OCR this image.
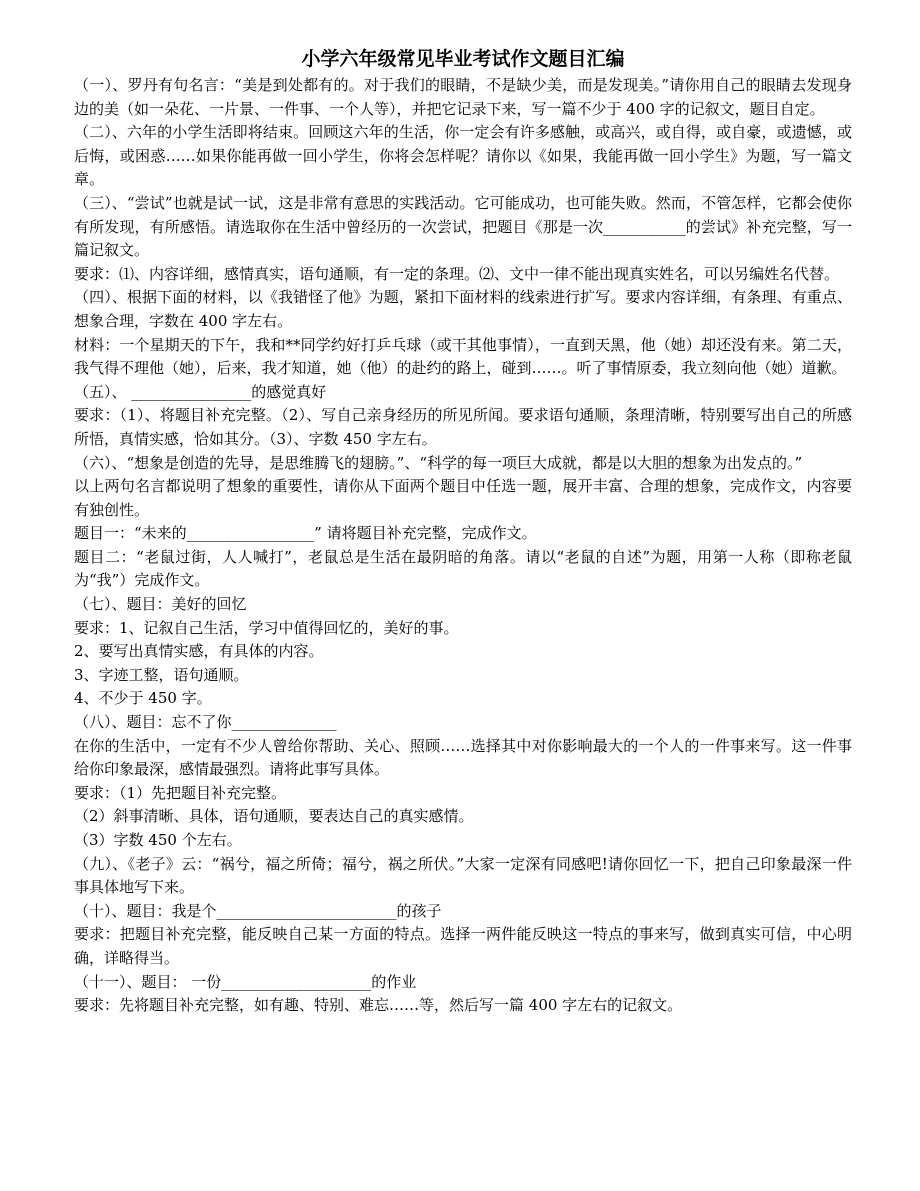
小学六年级常见毕业考试作文题目汇编

（一）、罗丹有句名言：“美是到处都有的。对于我们的眼睛，不是缺少美，而是发现美。”请你用自己的眼睛去发现身边的美（如一朵花、一片景、一件事、一个人等），并把它记录下来，写一篇不少于 400 字的记叙文，题目自定。

（二）、六年的小学生活即将结束。回顾这六年的生活，你一定会有许多感触，或高兴，或自得，或自豪，或遗憾，或后悔，或困惑……如果你能再做一回小学生，你将会怎样呢？请你以《如果，我能再做一回小学生》为题，写一篇文章。

（三）、“尝试”也就是试一试，这是非常有意思的实践活动。它可能成功，也可能失败。然而，不管怎样，它都会使你有所发现，有所感悟。请选取你在生活中曾经历的一次尝试，把题目《那是一次___________的尝试》补充完整，写一篇记叙文。

要求：⑴、内容详细，感情真实，语句通顺，有一定的条理。⑵、文中一律不能出现真实姓名，可以另编姓名代替。

（四）、根据下面的材料，以《我错怪了他》为题，紧扣下面材料的线索进行扩写。要求内容详细，有条理、有重点、想象合理，字数在 400 字左右。

材料：一个星期天的下午，我和**同学约好打乒乓球（或干其他事情），一直到天黑，他（她）却还没有来。第二天，我气得不理他（她），后来，我才知道，她（他）的赴约的路上，碰到……。听了事情原委，我立刻向他（她）道歉。

（五）、 ________________的感觉真好

要求：（1）、将题目补充完整。（2）、写自己亲身经历的所见所闻。要求语句通顺，条理清晰，特别要写出自己的所感所悟，真情实感，恰如其分。（3）、字数 450 字左右。

（六）、“想象是创造的先导，是思维腾飞的翅膀。”、“科学的每一项巨大成就，都是以大胆的想象为出发点的。”

以上两句名言都说明了想象的重要性，请你从下面两个题目中任选一题，展开丰富、合理的想象，完成作文，内容要有独创性。

题目一：“未来的_________________” 请将题目补充完整，完成作文。

题目二：“老鼠过街，人人喊打”，老鼠总是生活在最阴暗的角落。请以“老鼠的自述”为题，用第一人称（即称老鼠为“我”）完成作文。

（七）、题目：美好的回忆

要求：1、记叙自己生活，学习中值得回忆的，美好的事。

2、要写出真情实感，有具体的内容。

3、字迹工整，语句通顺。

4、不少于 450 字。

（八）、题目：忘不了你______________

在你的生活中，一定有不少人曾给你帮助、关心、照顾……选择其中对你影响最大的一个人的一件事来写。这一件事给你印象最深，感情最强烈。请将此事写具体。

要求：（1）先把题目补充完整。

（2）斜事清晰、具体，语句通顺，要表达自己的真实感情。

（3）字数 450 个左右。

（九）、《老子》云：“祸兮，福之所倚；福兮，祸之所伏。”大家一定深有同感吧!请你回忆一下，把自己印象最深一件事具体地写下来。

（十）、题目：我是个________________________的孩子

要求：把题目补充完整，能反映自己某一方面的特点。选择一两件能反映这一特点的事来写，做到真实可信，中心明确，详略得当。

（十一）、题目： 一份____________________的作业

要求：先将题目补充完整，如有趣、特别、难忘……等，然后写一篇 400 字左右的记叙文。
